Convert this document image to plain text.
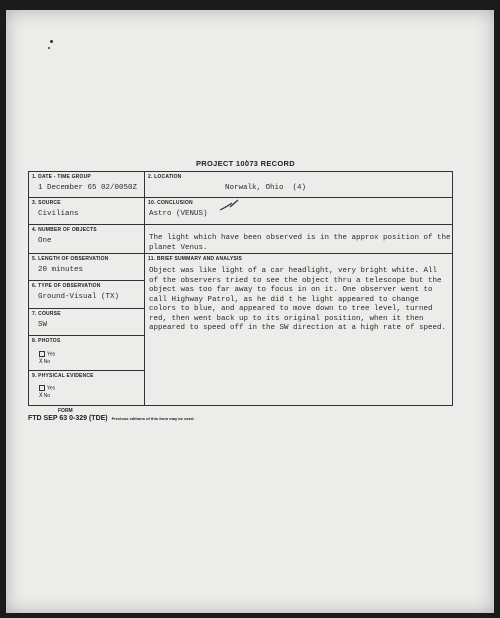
PROJECT 10073 RECORD
1. DATE - TIME GROUP
1 December 65 02/0050Z
2. LOCATION
Norwalk, Ohio (4)
3. SOURCE
Civilians
10. CONCLUSION
Astro (VENUS)
4. NUMBER OF OBJECTS
One	The light which have been observed is in the approx position of the planet Venus.
5. LENGTH OF OBSERVATION
20 minutes
6. TYPE OF OBSERVATION
Ground-Visual (TX)
7. COURSE
SW
8. PHOTOS
Yes
XNo
9. PHYSICAL EVIDENCE
Yes
XNo
11. BRIEF SUMMARY AND ANALYSIS
Object was like light of a car headlight, very bright white. All of the observers tried to see the object thru a telescope but the object was too far away to focus in on it. One observer went to call Highway Patrol, as he did t he light appeared to change colors to blue, and appeared to move down to tree level, turned red, then went back up to its original position, when it then appeared to speed off in the SW direction at a high rate of speed.
FORM
FTD SEP 63 0-329 (TDE) Previous editions of this form may be used.
